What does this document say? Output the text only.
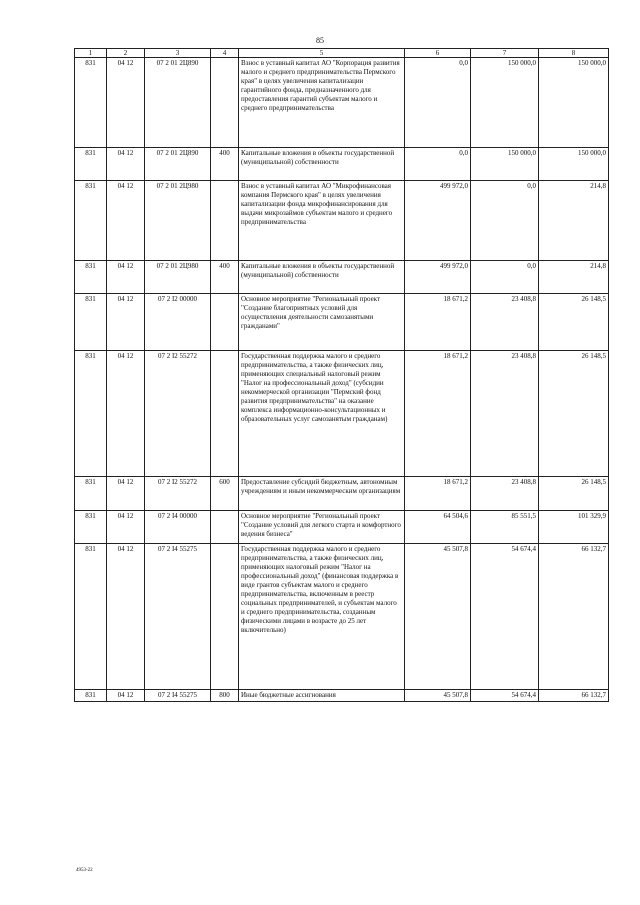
85
1	2	3	4	5	6	7	8
831	04 12	07 2 01 2Ц890		Взнос в уставный капитал АО "Корпорация развития малого и среднего предпринимательства Пермского края" в целях увеличения капитализации гарантийного фонда, предназначенного для предоставления гарантий субъектам малого и среднего предпринимательства	0,0	150 000,0	150 000,0
831	04 12	07 2 01 2Ц890	400	Капитальные вложения в объекты государственной (муниципальной) собственности	0,0	150 000,0	150 000,0
831	04 12	07 2 01 2Ц980		Взнос в уставный капитал АО "Микрофинансовая компания Пермского края" в целях увеличения капитализации фонда микрофинансирования для выдачи микрозаймов субъектам малого и среднего предпринимательства	499 972,0	0,0	214,8
831	04 12	07 2 01 2Ц980	400	Капитальные вложения в объекты государственной (муниципальной) собственности	499 972,0	0,0	214,8
831	04 12	07 2 I2 00000		Основное мероприятие "Региональный проект "Создание благоприятных условий для осуществления деятельности самозанятыми гражданами"	18 671,2	23 408,8	26 148,5
831	04 12	07 2 I2 55272		Государственная поддержка малого и среднего предпринимательства, а также физических лиц, применяющих специальный налоговый режим "Налог на профессиональный доход" (субсидии некоммерческой организации "Пермский фонд развития предпринимательства" на оказание комплекса информационно-консультационных и образовательных услуг самозанятым гражданам)	18 671,2	23 408,8	26 148,5
831	04 12	07 2 I2 55272	600	Предоставление субсидий бюджетным, автономным учреждениям и иным некоммерческим организациям	18 671,2	23 408,8	26 148,5
831	04 12	07 2 I4 00000		Основное мероприятие "Региональный проект "Создание условий для легкого старта и комфортного ведения бизнеса"	64 504,6	85 551,5	101 329,9
831	04 12	07 2 I4 55275		Государственная поддержка малого и среднего предпринимательства, а также физических лиц, применяющих налоговый режим "Налог на профессиональный доход" (финансовая поддержка в виде грантов субъектам малого и среднего предпринимательства, включенным в реестр социальных предпринимателей, и субъектам малого и среднего предпринимательства, созданным физическими лицами в возрасте до 25 лет включительно)	45 507,8	54 674,4	66 132,7
831	04 12	07 2 I4 55275	800	Иные бюджетные ассигнования	45 507,8	54 674,4	66 132,7
4953-22
